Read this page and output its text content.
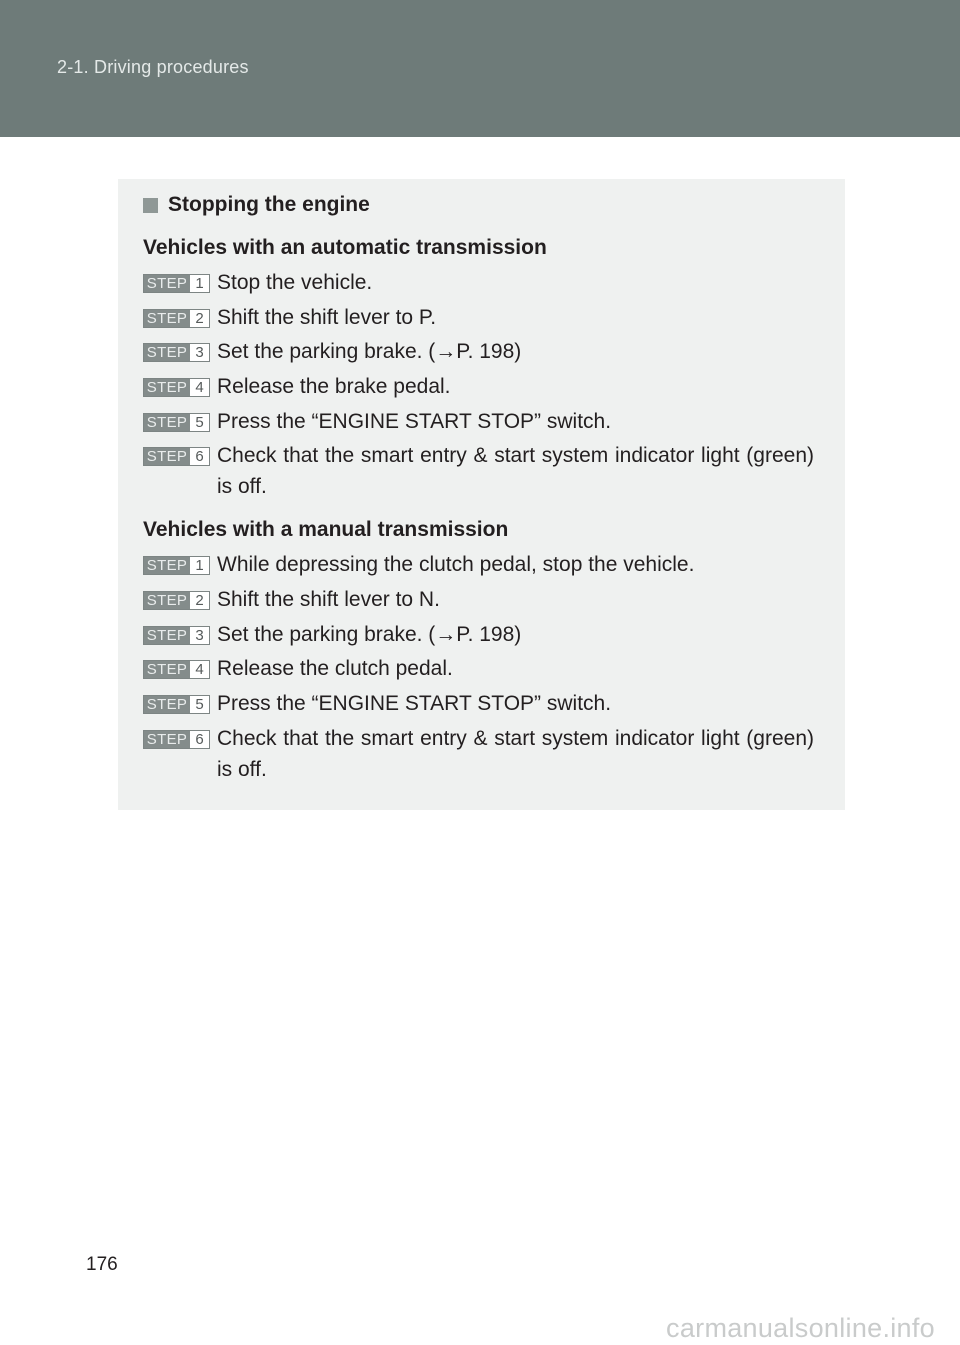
2-1. Driving procedures
Stopping the engine
Vehicles with an automatic transmission
STEP 1 Stop the vehicle.
STEP 2 Shift the shift lever to P.
STEP 3 Set the parking brake. (→P. 198)
STEP 4 Release the brake pedal.
STEP 5 Press the “ENGINE START STOP” switch.
STEP 6 Check that the smart entry & start system indicator light (green) is off.
Vehicles with a manual transmission
STEP 1 While depressing the clutch pedal, stop the vehicle.
STEP 2 Shift the shift lever to N.
STEP 3 Set the parking brake. (→P. 198)
STEP 4 Release the clutch pedal.
STEP 5 Press the “ENGINE START STOP” switch.
STEP 6 Check that the smart entry & start system indicator light (green) is off.
176
carmanualsonline.info
